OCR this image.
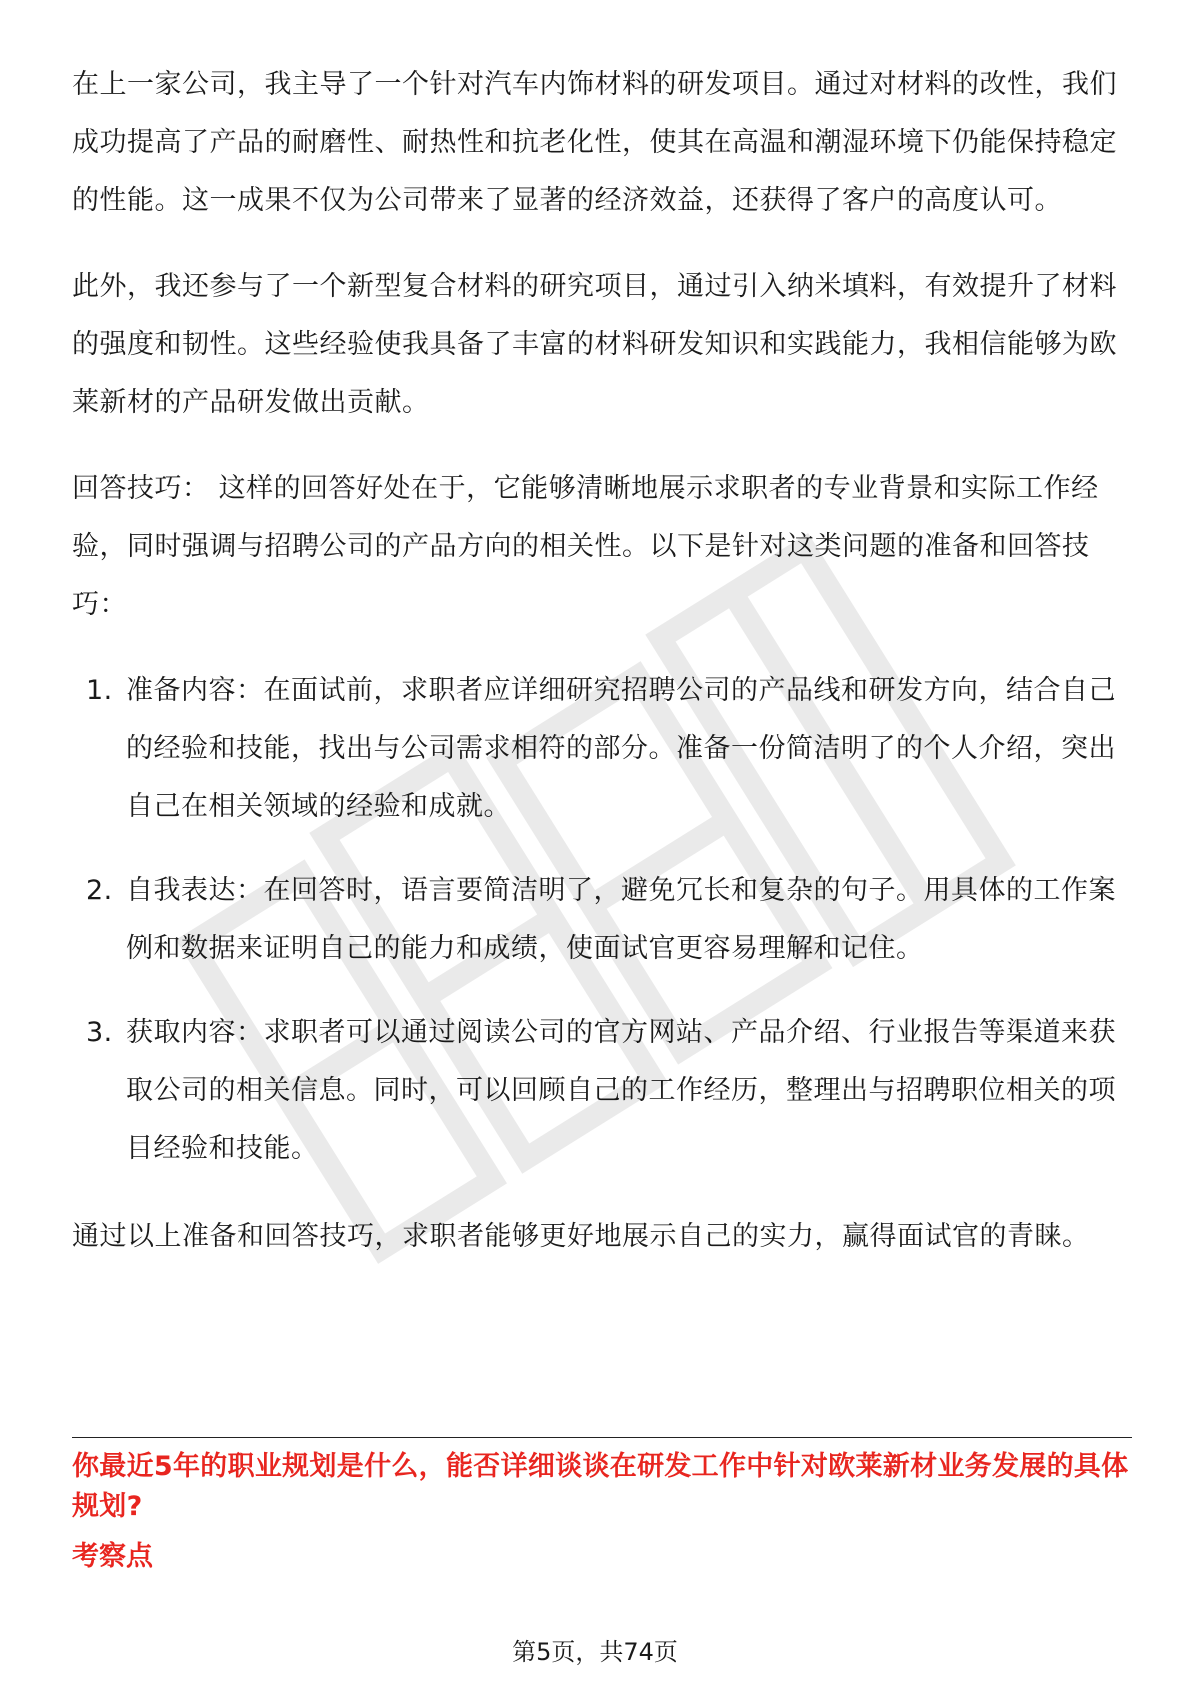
在上一家公司，我主导了一个针对汽车内饰材料的研发项目。通过对材料的改性，我们成功提高了产品的耐磨性、耐热性和抗老化性，使其在高温和潮湿环境下仍能保持稳定的性能。这一成果不仅为公司带来了显著的经济效益，还获得了客户的高度认可。

此外，我还参与了一个新型复合材料的研究项目，通过引入纳米填料，有效提升了材料的强度和韧性。这些经验使我具备了丰富的材料研发知识和实践能力，我相信能够为欧莱新材的产品研发做出贡献。

回答技巧： 这样的回答好处在于，它能够清晰地展示求职者的专业背景和实际工作经验，同时强调与招聘公司的产品方向的相关性。以下是针对这类问题的准备和回答技巧：

1. 准备内容：在面试前，求职者应详细研究招聘公司的产品线和研发方向，结合自己的经验和技能，找出与公司需求相符的部分。准备一份简洁明了的个人介绍，突出自己在相关领域的经验和成就。
2. 自我表达：在回答时，语言要简洁明了，避免冗长和复杂的句子。用具体的工作案例和数据来证明自己的能力和成绩，使面试官更容易理解和记住。
3. 获取内容：求职者可以通过阅读公司的官方网站、产品介绍、行业报告等渠道来获取公司的相关信息。同时，可以回顾自己的工作经历，整理出与招聘职位相关的项目经验和技能。

通过以上准备和回答技巧，求职者能够更好地展示自己的实力，赢得面试官的青睐。

你最近5年的职业规划是什么，能否详细谈谈在研发工作中针对欧莱新材业务发展的具体规划?
考察点
第5页，共74页
